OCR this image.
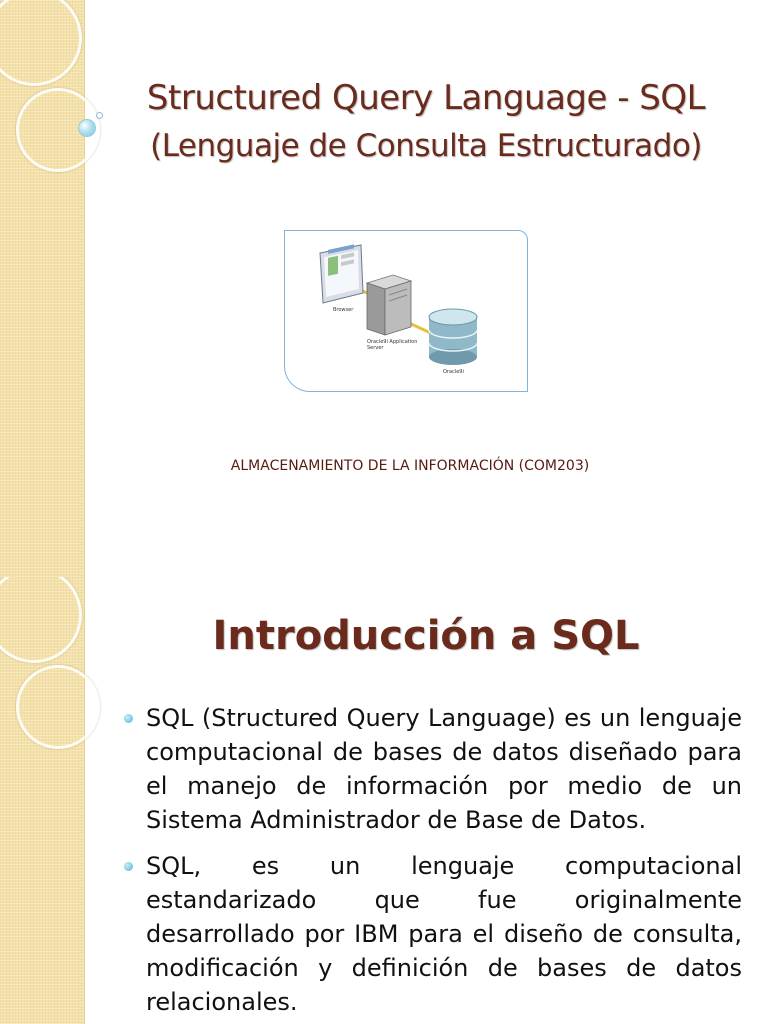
Structured Query Language - SQL
(Lenguaje de Consulta Estructurado)
Browser
Oracle9i Application Server
Oracle9i
ALMACENAMIENTO DE LA INFORMACIÓN (COM203)
Introducción a SQL
SQL (Structured Query Language) es un lenguaje computacional de bases de datos diseñado para el manejo de información por medio de un Sistema Administrador de Base de Datos.
SQL, es un lenguaje computacional estandarizado que fue originalmente desarrollado por IBM para el diseño de consulta, modificación y definición de bases de datos relacionales.
